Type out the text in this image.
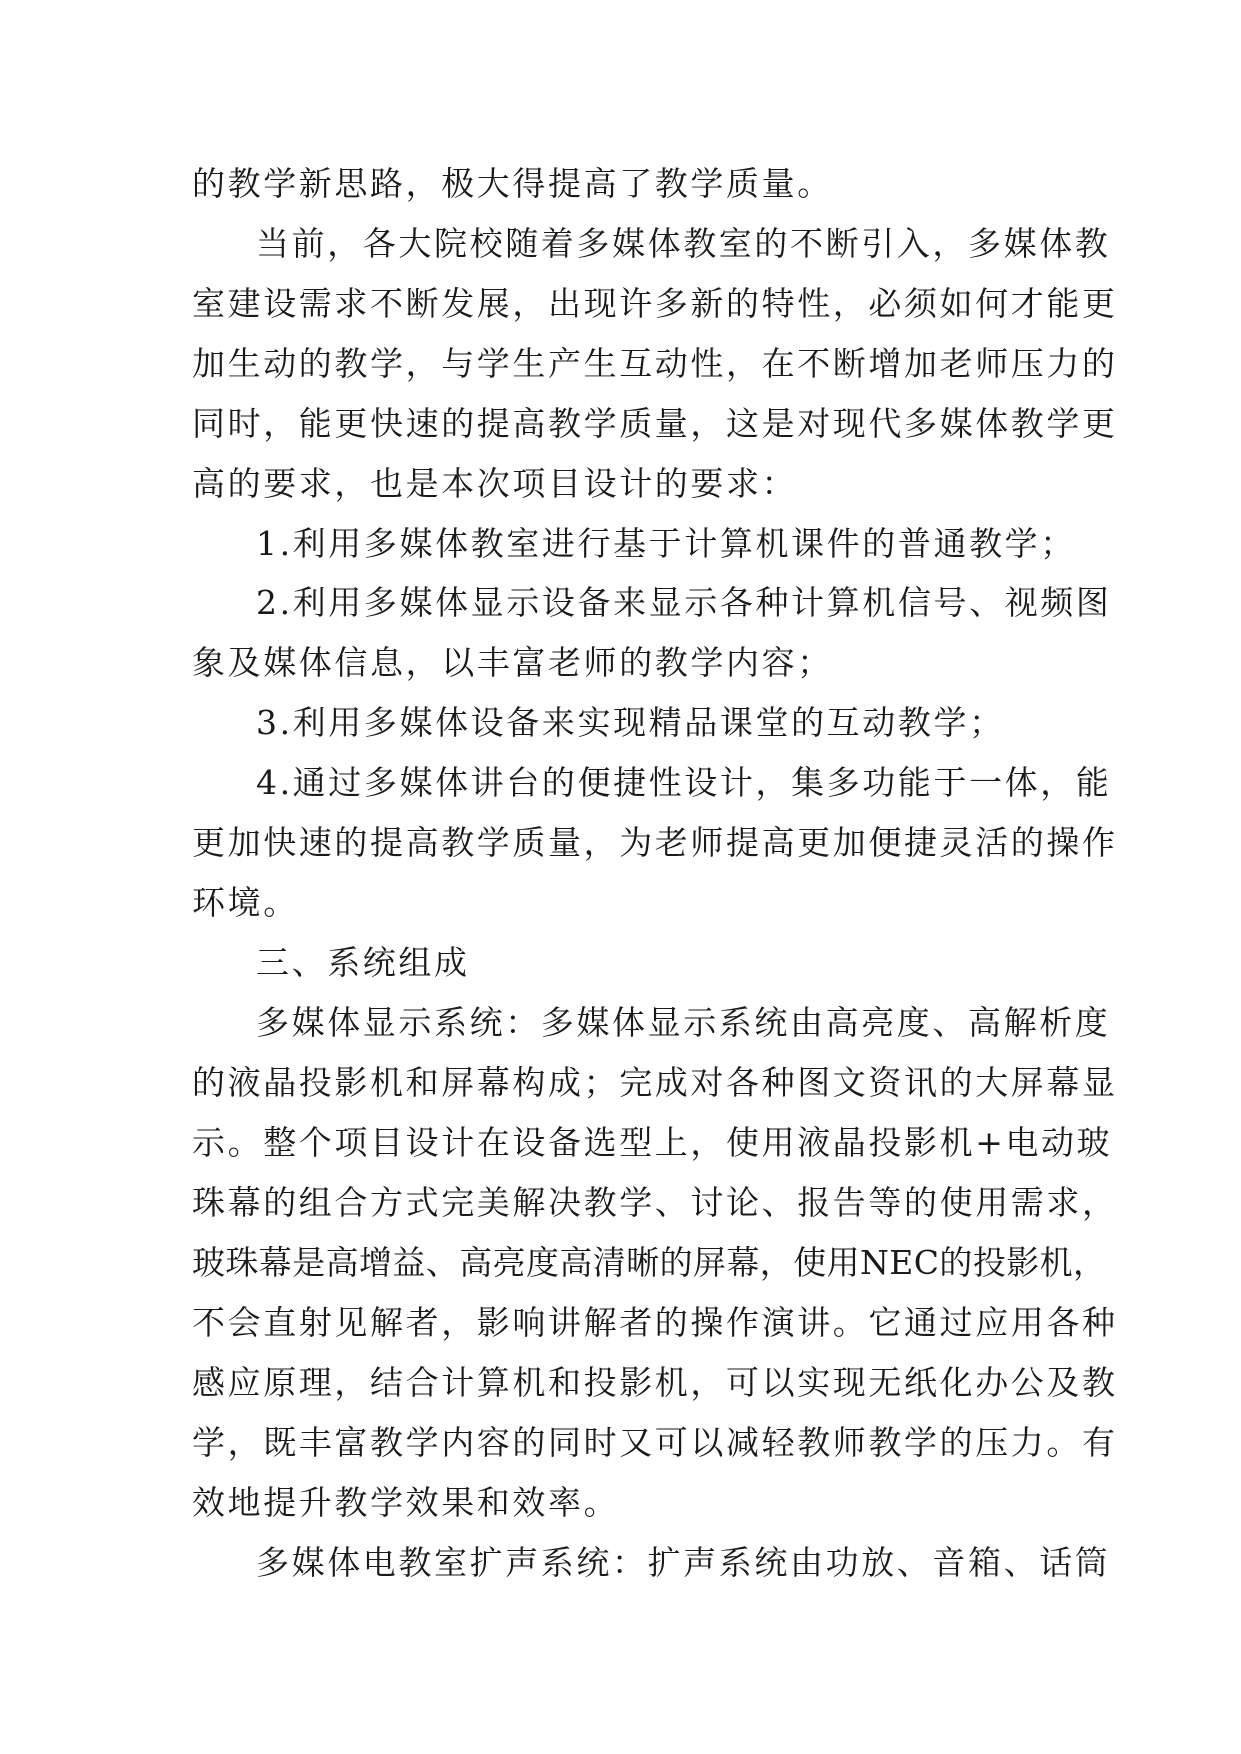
的教学新思路，极大得提高了教学质量。
当前，各大院校随着多媒体教室的不断引入，多媒体教
室建设需求不断发展，出现许多新的特性，必须如何才能更
加生动的教学，与学生产生互动性，在不断增加老师压力的
同时，能更快速的提高教学质量，这是对现代多媒体教学更
高的要求，也是本次项目设计的要求：
1.利用多媒体教室进行基于计算机课件的普通教学；
2.利用多媒体显示设备来显示各种计算机信号、视频图
象及媒体信息，以丰富老师的教学内容；
3.利用多媒体设备来实现精品课堂的互动教学；
4.通过多媒体讲台的便捷性设计，集多功能于一体，能
更加快速的提高教学质量，为老师提高更加便捷灵活的操作
环境。
三、系统组成
多媒体显示系统：多媒体显示系统由高亮度、高解析度
的液晶投影机和屏幕构成；完成对各种图文资讯的大屏幕显
示。整个项目设计在设备选型上，使用液晶投影机+电动玻
珠幕的组合方式完美解决教学、讨论、报告等的使用需求，
玻珠幕是高增益、高亮度高清晰的屏幕，使用NEC的投影机，
不会直射见解者，影响讲解者的操作演讲。它通过应用各种
感应原理，结合计算机和投影机，可以实现无纸化办公及教
学，既丰富教学内容的同时又可以减轻教师教学的压力。有
效地提升教学效果和效率。
多媒体电教室扩声系统：扩声系统由功放、音箱、话筒
